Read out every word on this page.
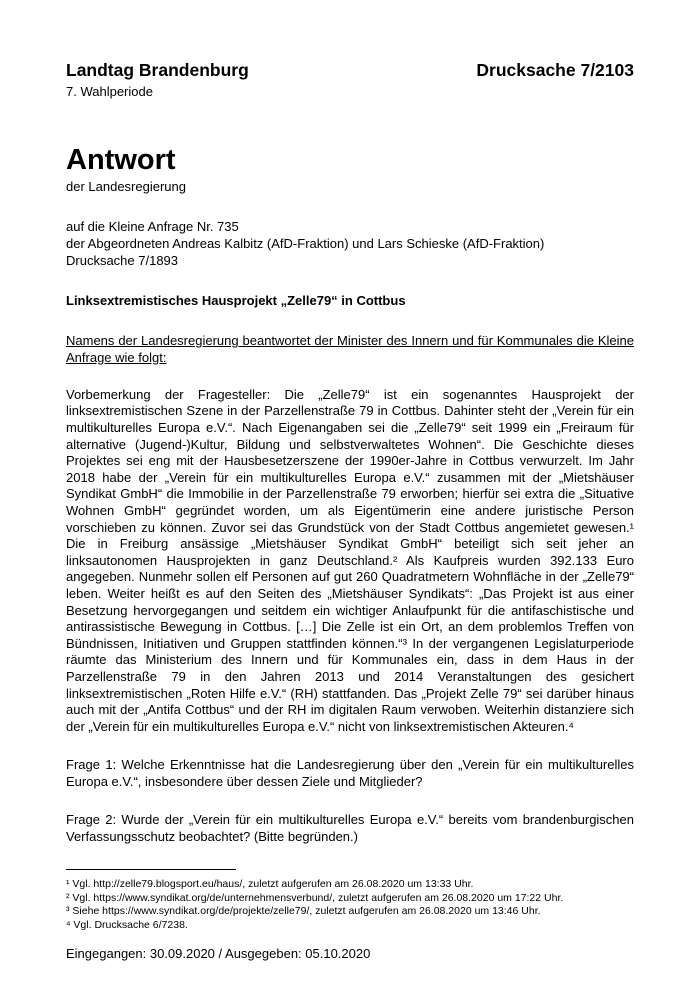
Landtag Brandenburg	Drucksache 7/2103
7. Wahlperiode
Antwort
der Landesregierung
auf die Kleine Anfrage Nr. 735
der Abgeordneten Andreas Kalbitz (AfD-Fraktion) und Lars Schieske (AfD-Fraktion)
Drucksache 7/1893
Linksextremistisches Hausprojekt „Zelle79“ in Cottbus
Namens der Landesregierung beantwortet der Minister des Innern und für Kommunales die Kleine Anfrage wie folgt:
Vorbemerkung der Fragesteller: Die „Zelle79“ ist ein sogenanntes Hausprojekt der linksextremistischen Szene in der Parzellenstraße 79 in Cottbus. Dahinter steht der „Verein für ein multikulturelles Europa e.V.“. Nach Eigenangaben sei die „Zelle79“ seit 1999 ein „Freiraum für alternative (Jugend-)Kultur, Bildung und selbstverwaltetes Wohnen“. Die Geschichte dieses Projektes sei eng mit der Hausbesetzerszene der 1990er-Jahre in Cottbus verwurzelt. Im Jahr 2018 habe der „Verein für ein multikulturelles Europa e.V.“ zusammen mit der „Mietshäuser Syndikat GmbH“ die Immobilie in der Parzellenstraße 79 erworben; hierfür sei extra die „Situative Wohnen GmbH“ gegründet worden, um als Eigentümerin eine andere juristische Person vorschieben zu können. Zuvor sei das Grundstück von der Stadt Cottbus angemietet gewesen.¹ Die in Freiburg ansässige „Mietshäuser Syndikat GmbH“ beteiligt sich seit jeher an linksautonomen Hausprojekten in ganz Deutschland.² Als Kaufpreis wurden 392.133 Euro angegeben. Nunmehr sollen elf Personen auf gut 260 Quadratmetern Wohnfläche in der „Zelle79“ leben. Weiter heißt es auf den Seiten des „Mietshäuser Syndikats“: „Das Projekt ist aus einer Besetzung hervorgegangen und seitdem ein wichtiger Anlaufpunkt für die antifaschistische und antirassistische Bewegung in Cottbus. […] Die Zelle ist ein Ort, an dem problemlos Treffen von Bündnissen, Initiativen und Gruppen stattfinden können.“³ In der vergangenen Legislaturperiode räumte das Ministerium des Innern und für Kommunales ein, dass in dem Haus in der Parzellenstraße 79 in den Jahren 2013 und 2014 Veranstaltungen des gesichert linksextremistischen „Roten Hilfe e.V.“ (RH) stattfanden. Das „Projekt Zelle 79“ sei darüber hinaus auch mit der „Antifa Cottbus“ und der RH im digitalen Raum verwoben. Weiterhin distanziere sich der „Verein für ein multikulturelles Europa e.V.“ nicht von linksextremistischen Akteuren.⁴
Frage 1: Welche Erkenntnisse hat die Landesregierung über den „Verein für ein multikulturelles Europa e.V.“, insbesondere über dessen Ziele und Mitglieder?
Frage 2: Wurde der „Verein für ein multikulturelles Europa e.V.“ bereits vom brandenburgischen Verfassungsschutz beobachtet? (Bitte begründen.)
¹ Vgl. http://zelle79.blogsport.eu/haus/, zuletzt aufgerufen am 26.08.2020 um 13:33 Uhr.
² Vgl. https://www.syndikat.org/de/unternehmensverbund/, zuletzt aufgerufen am 26.08.2020 um 17:22 Uhr.
³ Siehe https://www.syndikat.org/de/projekte/zelle79/, zuletzt aufgerufen am 26.08.2020 um 13:46 Uhr.
⁴ Vgl. Drucksache 6/7238.
Eingegangen: 30.09.2020 / Ausgegeben: 05.10.2020
